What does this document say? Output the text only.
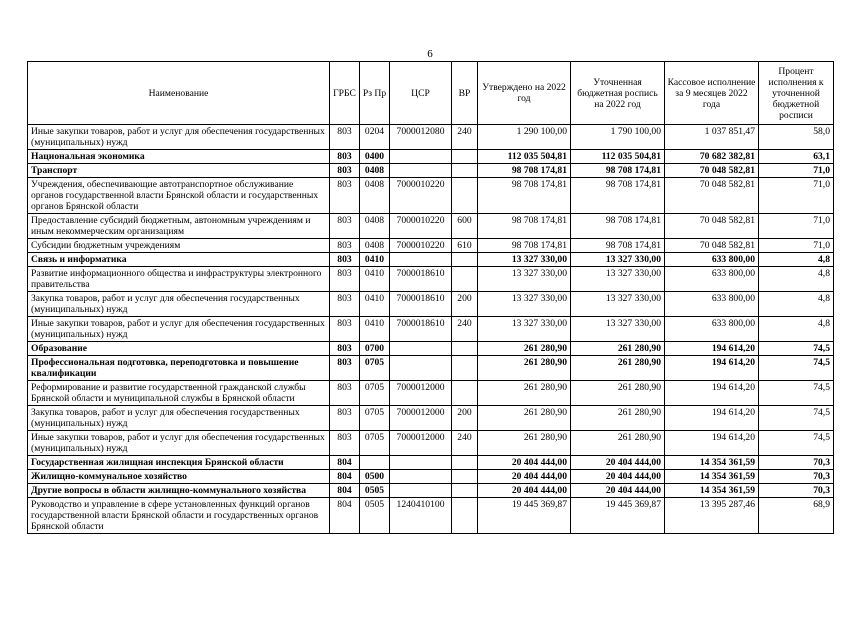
6
Наименование	ГРБС	Рз Пр	ЦСР	ВР	Утверждено на 2022 год	Уточненная бюджетная роспись на 2022 год	Кассовое исполнение за 9 месяцев 2022 года	Процент исполнения к уточненной бюджетной росписи
Иные закупки товаров, работ и услуг для обеспечения государственных (муниципальных) нужд	803	0204	7000012080	240	1 290 100,00	1 790 100,00	1 037 851,47	58,0
Национальная экономика	803	0400			112 035 504,81	112 035 504,81	70 682 382,81	63,1
Транспорт	803	0408			98 708 174,81	98 708 174,81	70 048 582,81	71,0
Учреждения, обеспечивающие автотранспортное обслуживание органов государственной власти Брянской области и государственных органов Брянской области	803	0408	7000010220		98 708 174,81	98 708 174,81	70 048 582,81	71,0
Предоставление субсидий бюджетным, автономным учреждениям и иным некоммерческим организациям	803	0408	7000010220	600	98 708 174,81	98 708 174,81	70 048 582,81	71,0
Субсидии бюджетным учреждениям	803	0408	7000010220	610	98 708 174,81	98 708 174,81	70 048 582,81	71,0
Связь и информатика	803	0410			13 327 330,00	13 327 330,00	633 800,00	4,8
Развитие информационного общества и инфраструктуры электронного правительства	803	0410	7000018610		13 327 330,00	13 327 330,00	633 800,00	4,8
Закупка товаров, работ и услуг для обеспечения государственных (муниципальных) нужд	803	0410	7000018610	200	13 327 330,00	13 327 330,00	633 800,00	4,8
Иные закупки товаров, работ и услуг для обеспечения государственных (муниципальных) нужд	803	0410	7000018610	240	13 327 330,00	13 327 330,00	633 800,00	4,8
Образование	803	0700			261 280,90	261 280,90	194 614,20	74,5
Профессиональная подготовка, переподготовка и повышение квалификации	803	0705			261 280,90	261 280,90	194 614,20	74,5
Реформирование и развитие государственной гражданской службы Брянской области и муниципальной службы в Брянской области	803	0705	7000012000		261 280,90	261 280,90	194 614,20	74,5
Закупка товаров, работ и услуг для обеспечения государственных (муниципальных) нужд	803	0705	7000012000	200	261 280,90	261 280,90	194 614,20	74,5
Иные закупки товаров, работ и услуг для обеспечения государственных (муниципальных) нужд	803	0705	7000012000	240	261 280,90	261 280,90	194 614,20	74,5
Государственная жилищная инспекция Брянской области	804				20 404 444,00	20 404 444,00	14 354 361,59	70,3
Жилищно-коммунальное хозяйство	804	0500			20 404 444,00	20 404 444,00	14 354 361,59	70,3
Другие вопросы в области жилищно-коммунального хозяйства	804	0505			20 404 444,00	20 404 444,00	14 354 361,59	70,3
Руководство и управление в сфере установленных функций органов государственной власти Брянской области и государственных органов Брянской области	804	0505	1240410100		19 445 369,87	19 445 369,87	13 395 287,46	68,9
